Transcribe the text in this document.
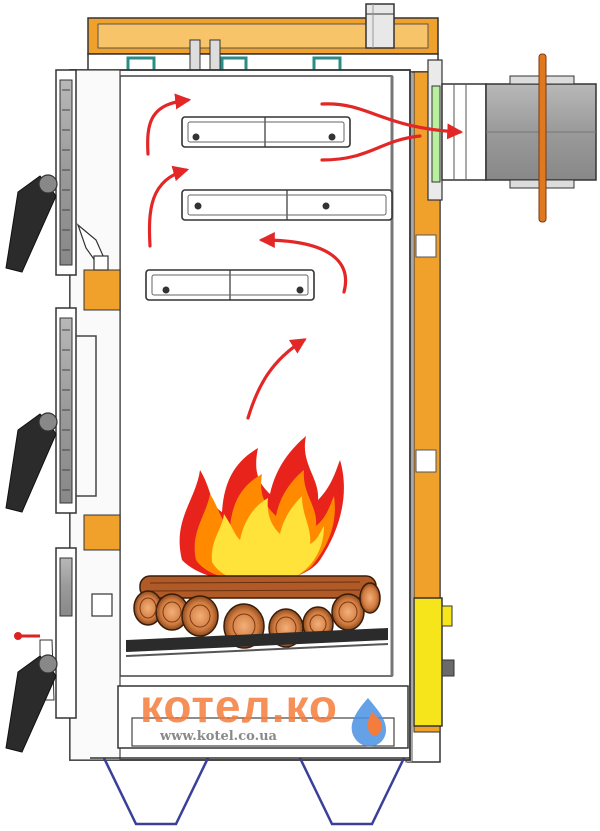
котел.ко
www.kotel.co.ua
